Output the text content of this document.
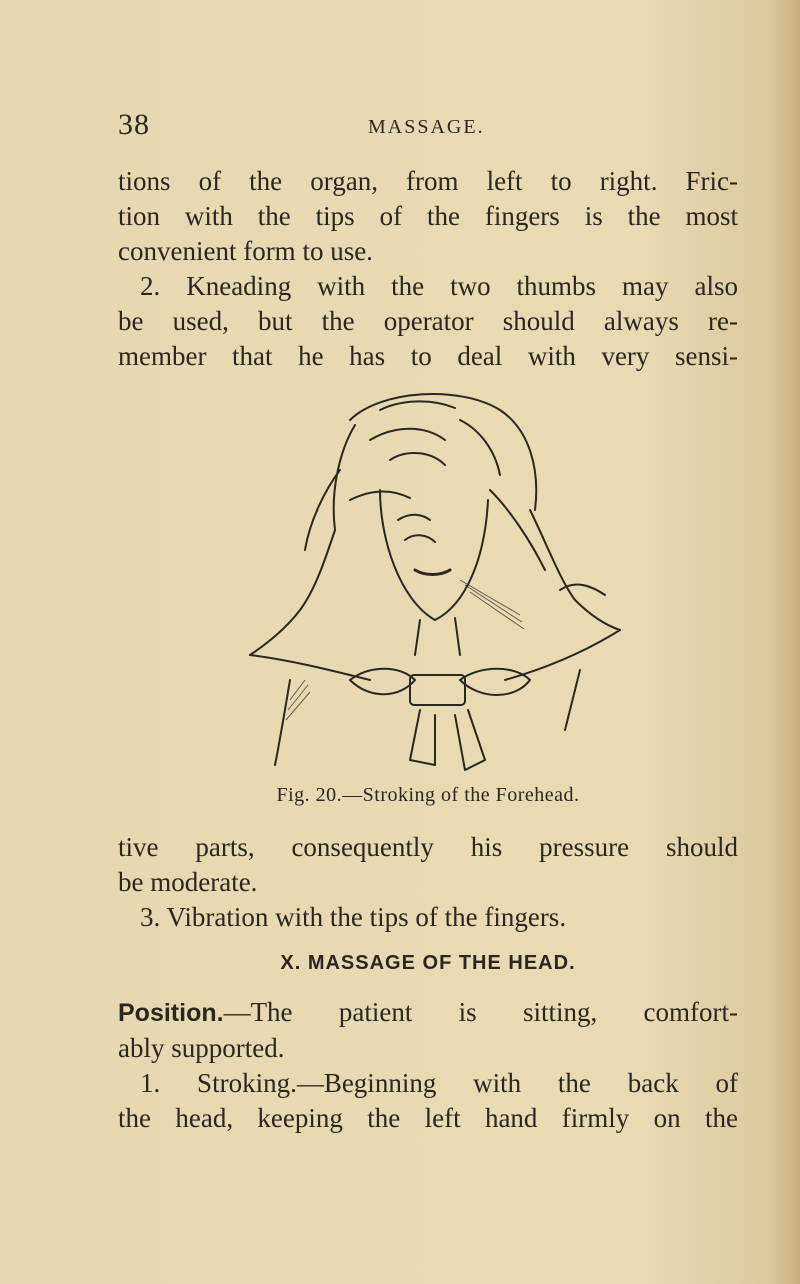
38	MASSAGE.

tions of the organ, from left to right. Fric-

tion with the tips of the fingers is the most

convenient form to use.

2. Kneading with the two thumbs may also

be used, but the operator should always re-

member that he has to deal with very sensi-

Fig. 20.—Stroking of the Forehead.

tive parts, consequently his pressure should

be moderate.

3. Vibration with the tips of the fingers.

X. MASSAGE OF THE HEAD.

Position.—The patient is sitting, comfort-

ably supported.

1. Stroking.—Beginning with the back of

the head, keeping the left hand firmly on the
